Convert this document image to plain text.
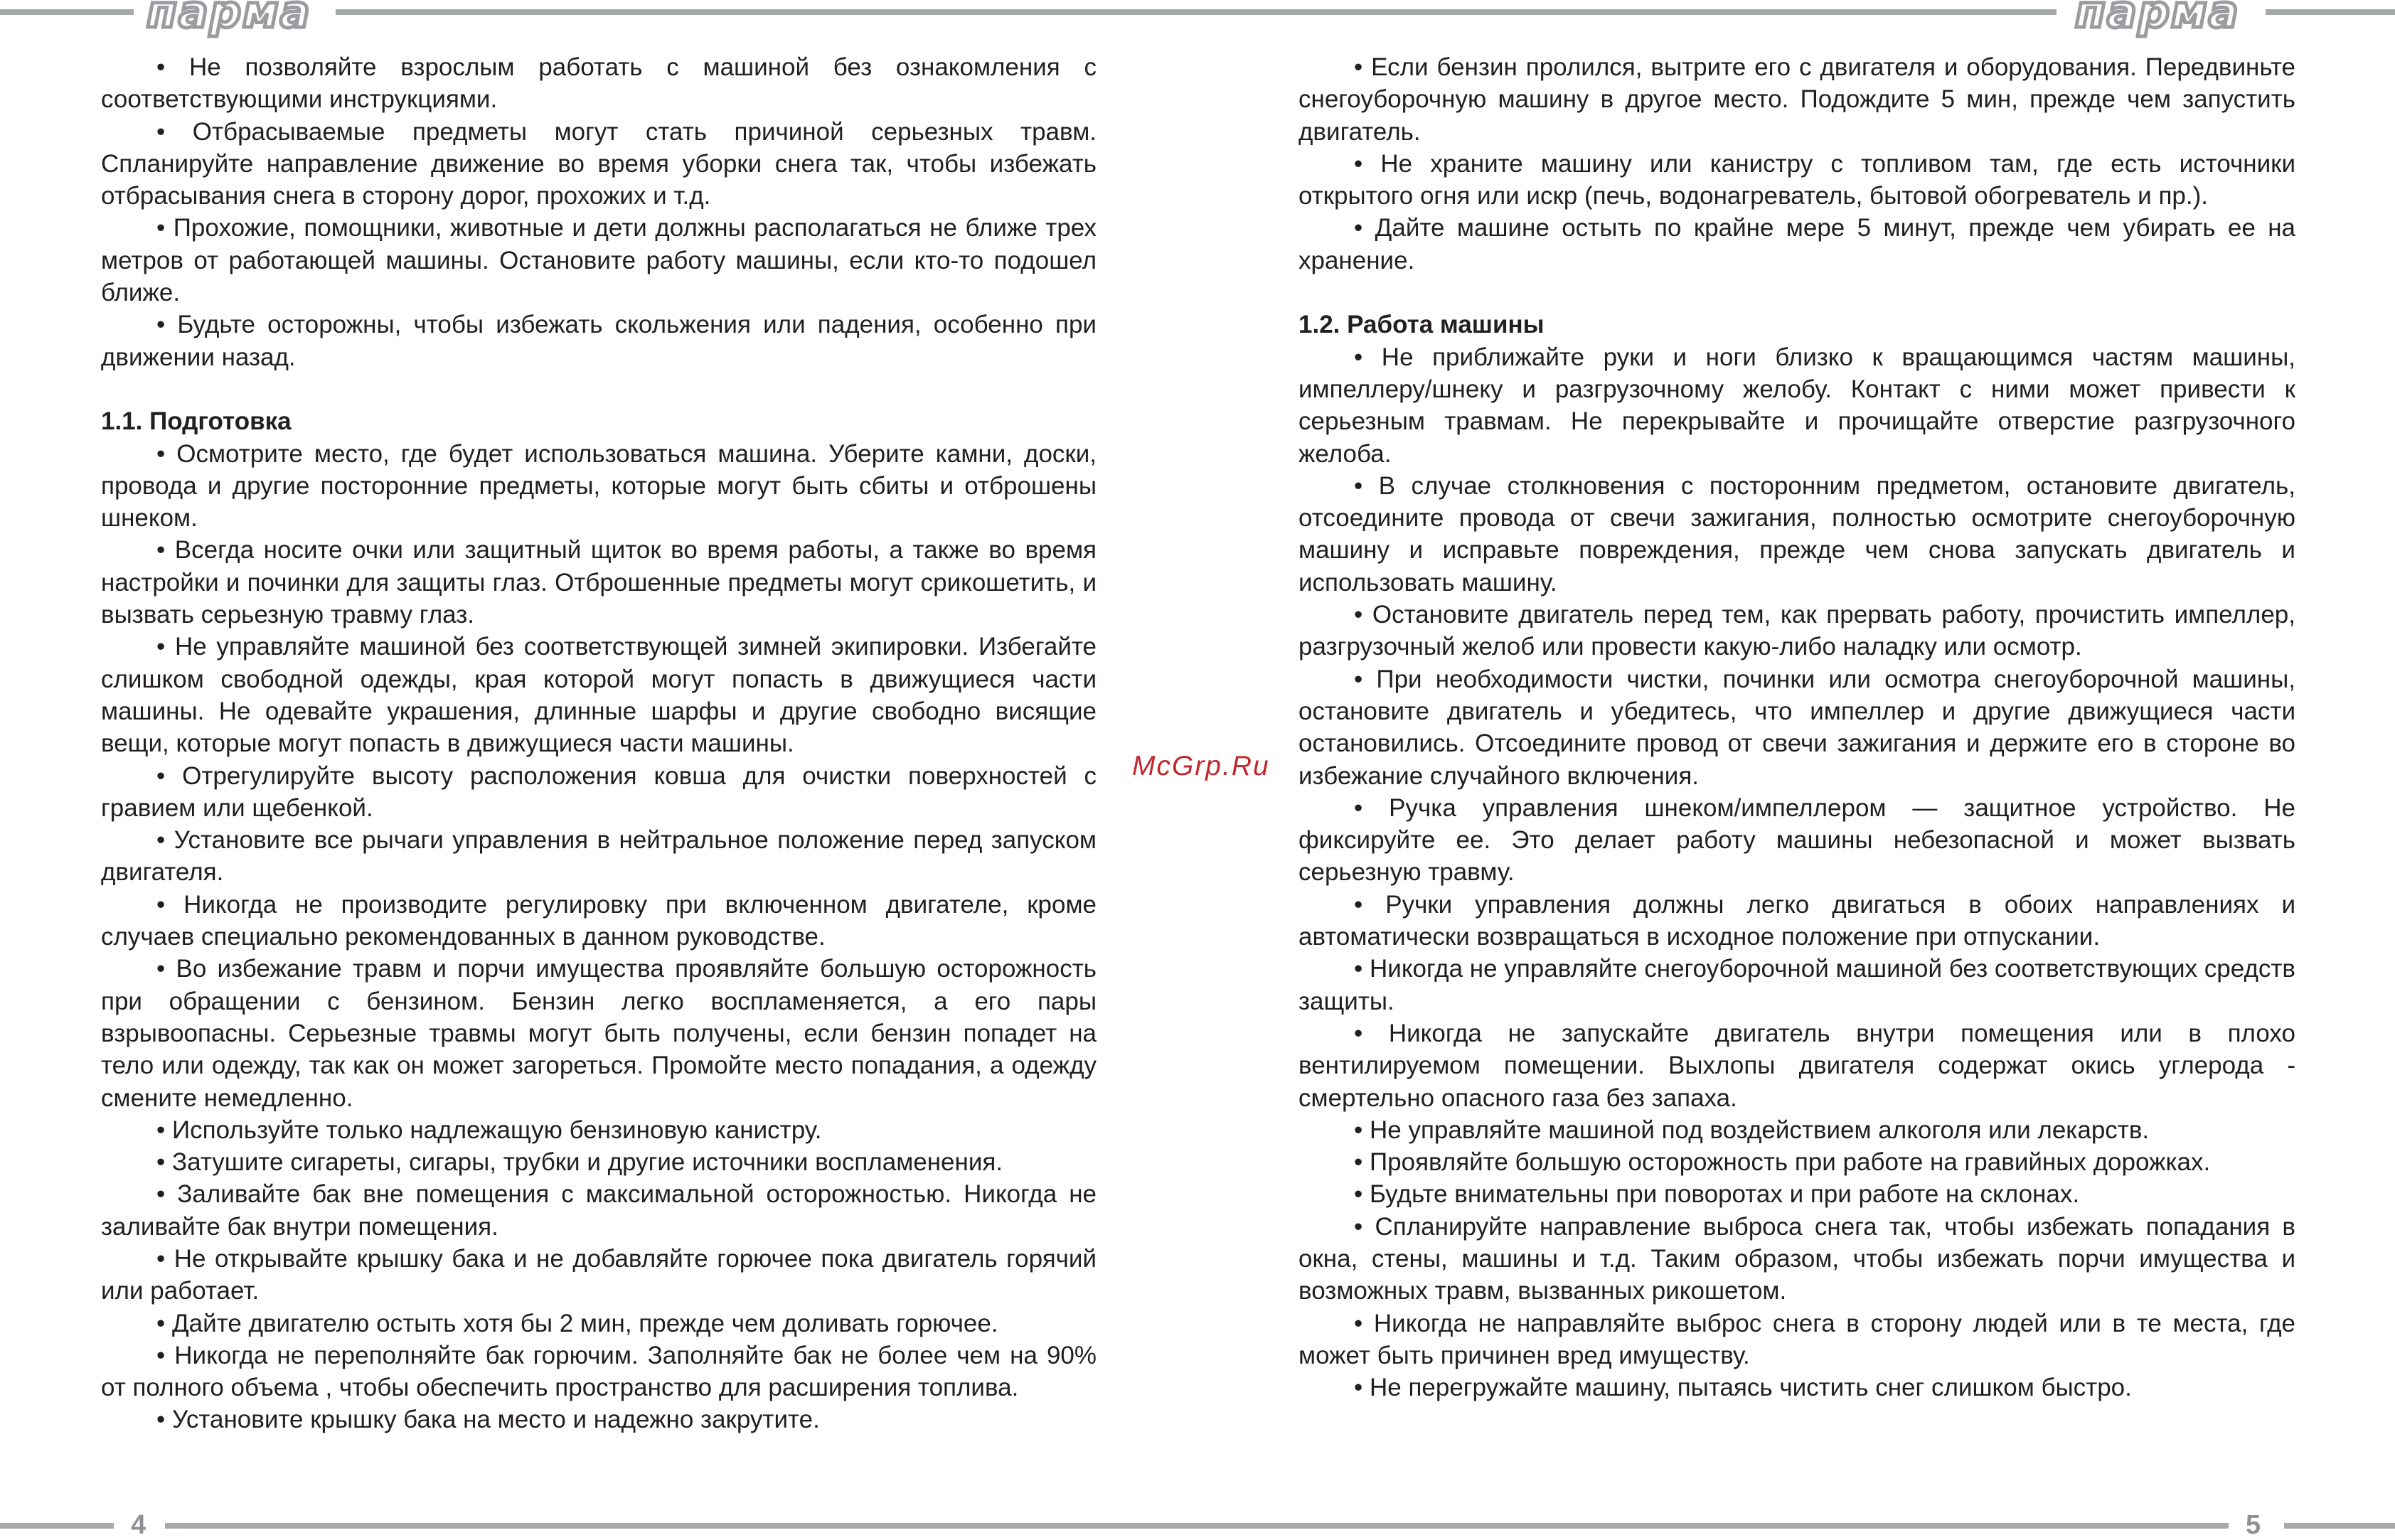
парма	парма
4	5
McGrp.Ru

• Не позволяйте взрослым работать с машиной без ознакомления с соответствующими инструкциями.

• Отбрасываемые предметы могут стать причиной серьезных травм. Спланируйте направление движение во время уборки снега так, чтобы избежать отбрасывания снега в сторону дорог, прохожих и т.д.

• Прохожие, помощники, животные и дети должны располагаться не ближе трех метров от работающей машины. Остановите работу машины, если кто-то подошел ближе.

• Будьте осторожны, чтобы избежать скольжения или падения, особенно при движении назад.

1.1. Подготовка

• Осмотрите место, где будет использоваться машина. Уберите камни, доски, провода и другие посторонние предметы, которые могут быть сбиты и отброшены шнеком.

• Всегда носите очки или защитный щиток во время работы, а также во время настройки и починки для защиты глаз. Отброшенные предметы могут срикошетить, и вызвать серьезную травму глаз.

• Не управляйте машиной без соответствующей зимней экипировки. Избегайте слишком свободной одежды, края которой могут попасть в движущиеся части машины. Не одевайте украшения, длинные шарфы и другие свободно висящие вещи, которые могут попасть в движущиеся части машины.

• Отрегулируйте высоту расположения ковша для очистки поверхностей с гравием или щебенкой.

• Установите все рычаги управления в нейтральное положение перед запуском двигателя.

• Никогда не производите регулировку при включенном двигателе, кроме случаев специально рекомендованных в данном руководстве.

• Во избежание травм и порчи имущества проявляйте большую осторожность при обращении с бензином. Бензин легко воспламеняется, а его пары взрывоопасны. Серьезные травмы могут быть получены, если бензин попадет на тело или одежду, так как он может загореться. Промойте место попадания, а одежду смените немедленно.

• Используйте только надлежащую бензиновую канистру.

• Затушите сигареты, сигары, трубки и другие источники воспламенения.

• Заливайте бак вне помещения с максимальной осторожностью. Никогда не заливайте бак внутри помещения.

• Не открывайте крышку бака и не добавляйте горючее пока двигатель горячий или работает.

• Дайте двигателю остыть хотя бы 2 мин, прежде чем доливать горючее.

• Никогда не переполняйте бак горючим. Заполняйте бак не более чем на 90% от полного объема , чтобы обеспечить пространство для расширения топлива.

• Установите крышку бака на место и надежно закрутите.

• Если бензин пролился, вытрите его с двигателя и оборудования. Передвиньте снегоуборочную машину в другое место. Подождите 5 мин, прежде чем запустить двигатель.

• Не храните машину или канистру с топливом там, где есть источники открытого огня или искр (печь, водонагреватель, бытовой обогреватель и пр.).

• Дайте машине остыть по крайне мере 5 минут, прежде чем убирать ее на хранение.

1.2. Работа машины

• Не приближайте руки и ноги близко к вращающимся частям машины, импеллеру/шнеку и разгрузочному желобу. Контакт с ними может привести к серьезным травмам. Не перекрывайте и прочищайте отверстие разгрузочного желоба.

• В случае столкновения с посторонним предметом, остановите двигатель, отсоедините провода от свечи зажигания, полностью осмотрите снегоуборочную машину и исправьте повреждения, прежде чем снова запускать двигатель и использовать машину.

• Остановите двигатель перед тем, как прервать работу, прочистить импеллер, разгрузочный желоб или провести какую-либо наладку или осмотр.

• При необходимости чистки, починки или осмотра снегоуборочной машины, остановите двигатель и убедитесь, что импеллер и другие движущиеся части остановились. Отсоедините провод от свечи зажигания и держите его в стороне во избежание случайного включения.

• Ручка управления шнеком/импеллером — защитное устройство. Не фиксируйте ее. Это делает работу машины небезопасной и может вызвать серьезную травму.

• Ручки управления должны легко двигаться в обоих направлениях и автоматически возвращаться в исходное положение при отпускании.

• Никогда не управляйте снегоуборочной машиной без соответствующих средств защиты.

• Никогда не запускайте двигатель внутри помещения или в плохо вентилируемом помещении. Выхлопы двигателя содержат окись углерода - смертельно опасного газа без запаха.

• Не управляйте машиной под воздействием алкоголя или лекарств.

• Проявляйте большую осторожность при работе на гравийных дорожках.

• Будьте внимательны при поворотах и при работе на склонах.

• Спланируйте направление выброса снега так, чтобы избежать попадания в окна, стены, машины и т.д. Таким образом, чтобы избежать порчи имущества и возможных травм, вызванных рикошетом.

• Никогда не направляйте выброс снега в сторону людей или в те места, где может быть причинен вред имуществу.

• Не перегружайте машину, пытаясь чистить снег слишком быстро.
